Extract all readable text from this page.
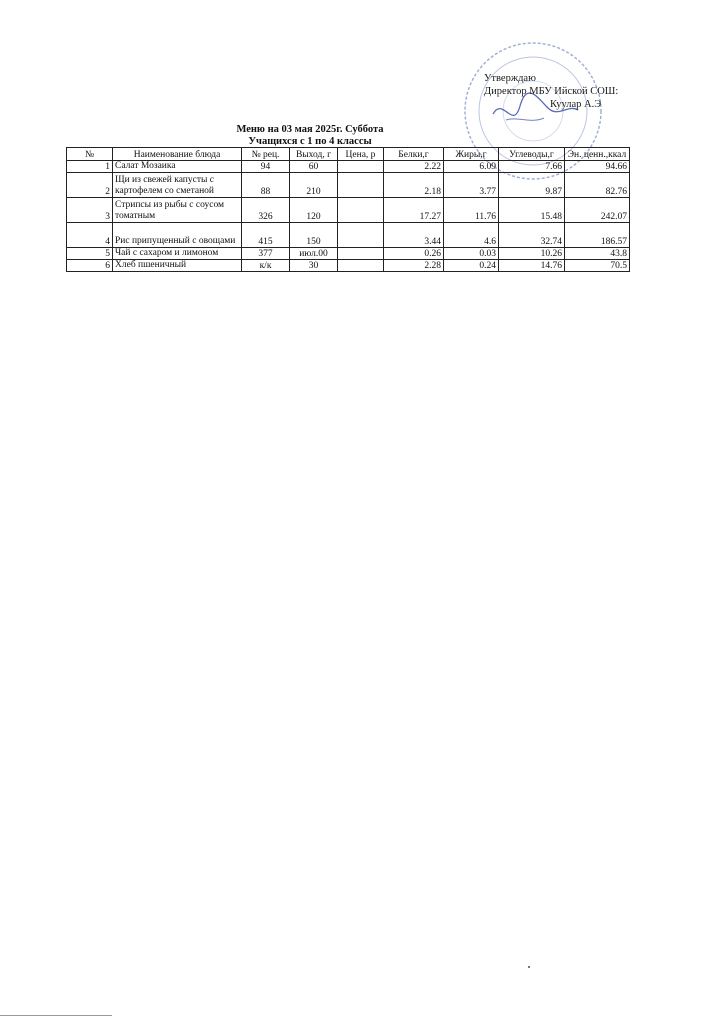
Утверждаю
Директор МБУ Ийской СОШ:
Куулар А.Э
Меню на 03 мая 2025г. Суббота
Учащихся с 1 по 4 классы
№	Наименование блюда	№ рец.	Выход, г	Цена, р	Белки,г	Жиры,г	Углеводы,г	Эн. ценн.,ккал
1	Салат Мозаика	94	60		2.22	6.09	7.66	94.66
2	Щи из свежей капусты с картофелем со сметаной	88	210		2.18	3.77	9.87	82.76
3	Стрипсы из рыбы с соусом томатным	326	120		17.27	11.76	15.48	242.07
4	Рис припущенный с овощами	415	150		3.44	4.6	32.74	186.57
5	Чай с сахаром и лимоном	377	июл.00		0.26	0.03	10.26	43.8
6	Хлеб пшеничный	к/к	30		2.28	0.24	14.76	70.5
